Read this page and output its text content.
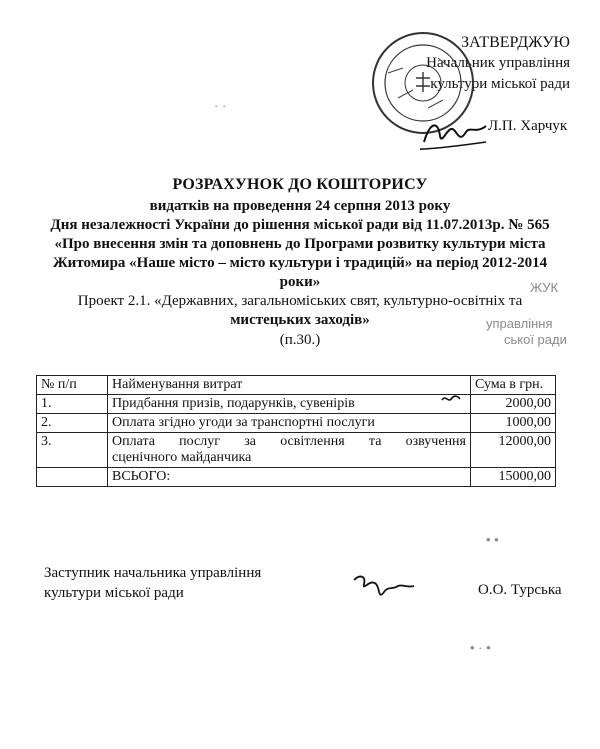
ЗАТВЕРДЖУЮ
Начальник управління
культури міської ради
Л.П. Харчук
· ·
РОЗРАХУНОК ДО КОШТОРИСУ
видатків на проведення 24 серпня 2013 року
Дня незалежності України до рішення міської ради від 11.07.2013р. № 565
«Про внесення змін та доповнень до Програми розвитку культури міста
Житомира «Наше місто – місто культури і традицій» на період 2012-2014
роки»
Проект 2.1. «Державних, загальноміських свят, культурно-освітніх та
мистецьких заходів»
(п.30.)
ЖУК
управління
ської ради
№ п/п	Найменування витрат	Сума в грн.
1.	Придбання призів, подарунків, сувенірів	2000,00
2.	Оплата згідно угоди за транспортні послуги	1000,00
3.	Оплата послуг за освітлення та озвучення
сценічного майданчика	12000,00
	ВСЬОГО:	15000,00
Заступник начальника управління
культури міської ради	О.О. Турська
• •
• · •
